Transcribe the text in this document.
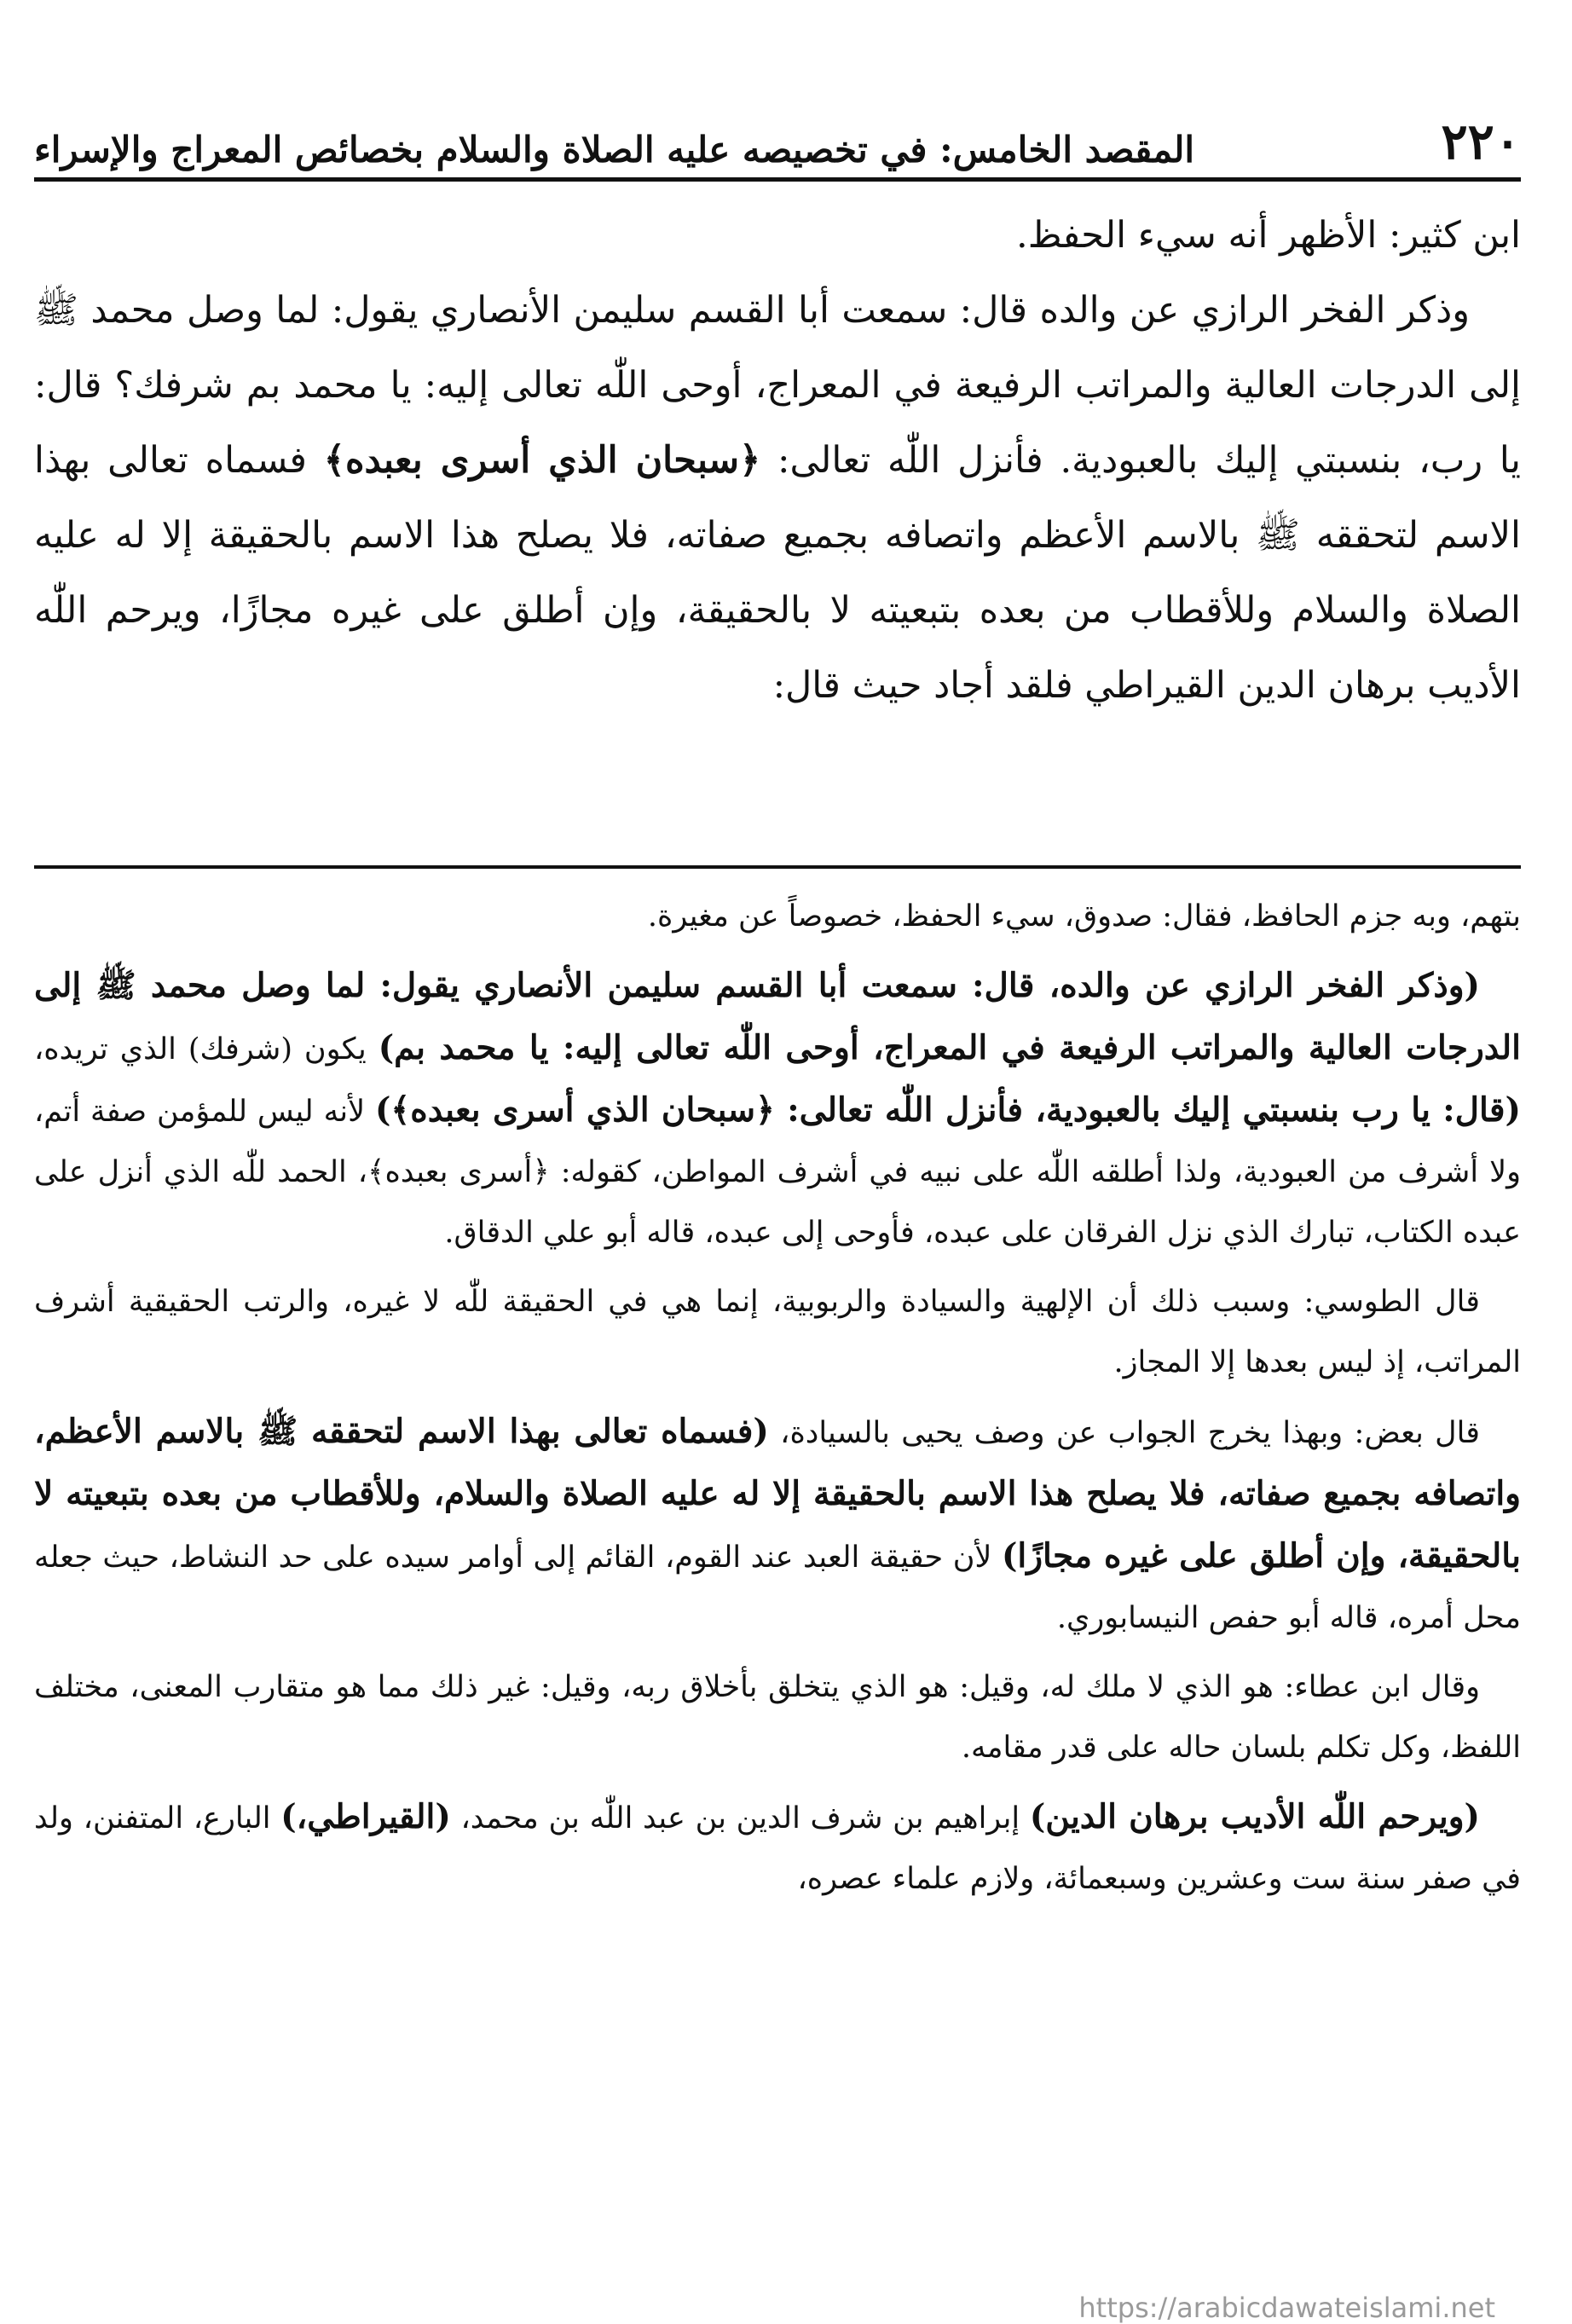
٢٢٠
المقصد الخامس: في تخصيصه عليه الصلاة والسلام بخصائص المعراج والإسراء

ابن كثير: الأظهر أنه سيء الحفظ.

وذكر الفخر الرازي عن والده قال: سمعت أبا القسم سليمن الأنصاري يقول: لما وصل محمد ﷺ إلى الدرجات العالية والمراتب الرفيعة في المعراج، أوحى اللّٰه تعالى إليه: يا محمد بم شرفك؟ قال: يا رب، بنسبتي إليك بالعبودية. فأنزل اللّٰه تعالى: ﴿سبحان الذي أسرى بعبده﴾ فسماه تعالى بهذا الاسم لتحققه ﷺ بالاسم الأعظم واتصافه بجميع صفاته، فلا يصلح هذا الاسم بالحقيقة إلا له عليه الصلاة والسلام وللأقطاب من بعده بتبعيته لا بالحقيقة، وإن أطلق على غيره مجازًا، ويرحم اللّٰه الأديب برهان الدين القيراطي فلقد أجاد حيث قال:

بتهم، وبه جزم الحافظ، فقال: صدوق، سيء الحفظ، خصوصاً عن مغيرة.

(وذكر الفخر الرازي عن والده، قال: سمعت أبا القسم سليمن الأنصاري يقول: لما وصل محمد ﷺ إلى الدرجات العالية والمراتب الرفيعة في المعراج، أوحى اللّٰه تعالى إليه: يا محمد بم) يكون (شرفك) الذي تريده، (قال: يا رب بنسبتي إليك بالعبودية، فأنزل اللّٰه تعالى: ﴿سبحان الذي أسرى بعبده﴾) لأنه ليس للمؤمن صفة أتم، ولا أشرف من العبودية، ولذا أطلقه اللّٰه على نبيه في أشرف المواطن، كقوله: ﴿أسرى بعبده﴾، الحمد للّٰه الذي أنزل على عبده الكتاب، تبارك الذي نزل الفرقان على عبده، فأوحى إلى عبده، قاله أبو علي الدقاق.

قال الطوسي: وسبب ذلك أن الإلهية والسيادة والربوبية، إنما هي في الحقيقة للّٰه لا غيره، والرتب الحقيقية أشرف المراتب، إذ ليس بعدها إلا المجاز.

قال بعض: وبهذا يخرج الجواب عن وصف يحيى بالسيادة، (فسماه تعالى بهذا الاسم لتحققه ﷺ بالاسم الأعظم، واتصافه بجميع صفاته، فلا يصلح هذا الاسم بالحقيقة إلا له عليه الصلاة والسلام، وللأقطاب من بعده بتبعيته لا بالحقيقة، وإن أطلق على غيره مجازًا) لأن حقيقة العبد عند القوم، القائم إلى أوامر سيده على حد النشاط، حيث جعله محل أمره، قاله أبو حفص النيسابوري.

وقال ابن عطاء: هو الذي لا ملك له، وقيل: هو الذي يتخلق بأخلاق ربه، وقيل: غير ذلك مما هو متقارب المعنى، مختلف اللفظ، وكل تكلم بلسان حاله على قدر مقامه.

(ويرحم اللّٰه الأديب برهان الدين) إبراهيم بن شرف الدين بن عبد اللّٰه بن محمد، (القيراطي،) البارع، المتفنن، ولد في صفر سنة ست وعشرين وسبعمائة، ولازم علماء عصره،

https://arabicdawateislami.net
